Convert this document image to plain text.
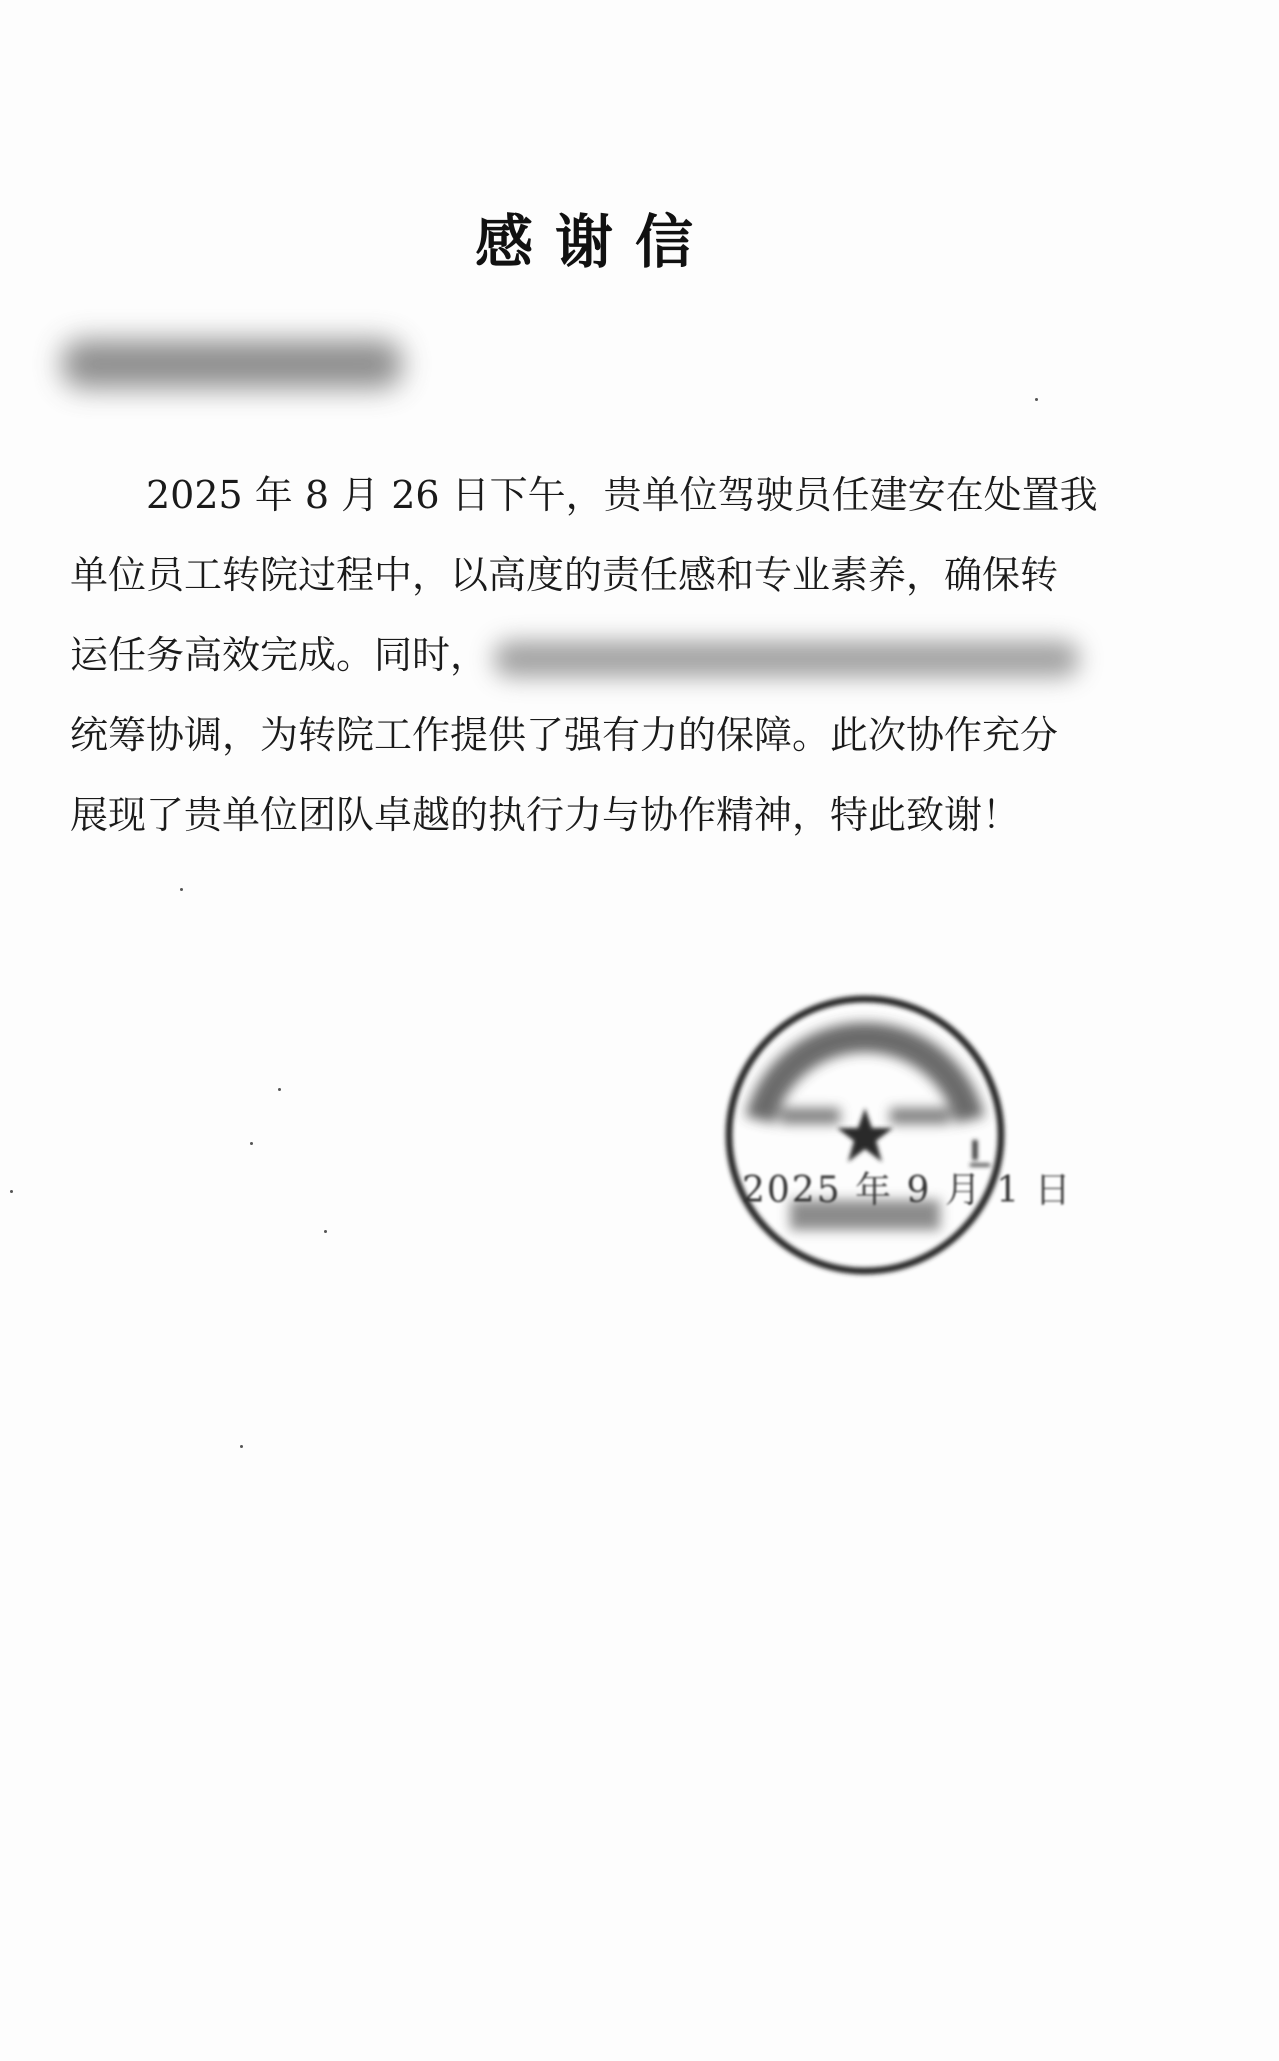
感谢信
2025 年 8 月 26 日下午，贵单位驾驶员任建安在处置我
单位员工转院过程中，以高度的责任感和专业素养，确保转
运任务高效完成。同时，
统筹协调，为转院工作提供了强有力的保障。此次协作充分
展现了贵单位团队卓越的执行力与协作精神，特此致谢！
2025 年 9 月 1 日
